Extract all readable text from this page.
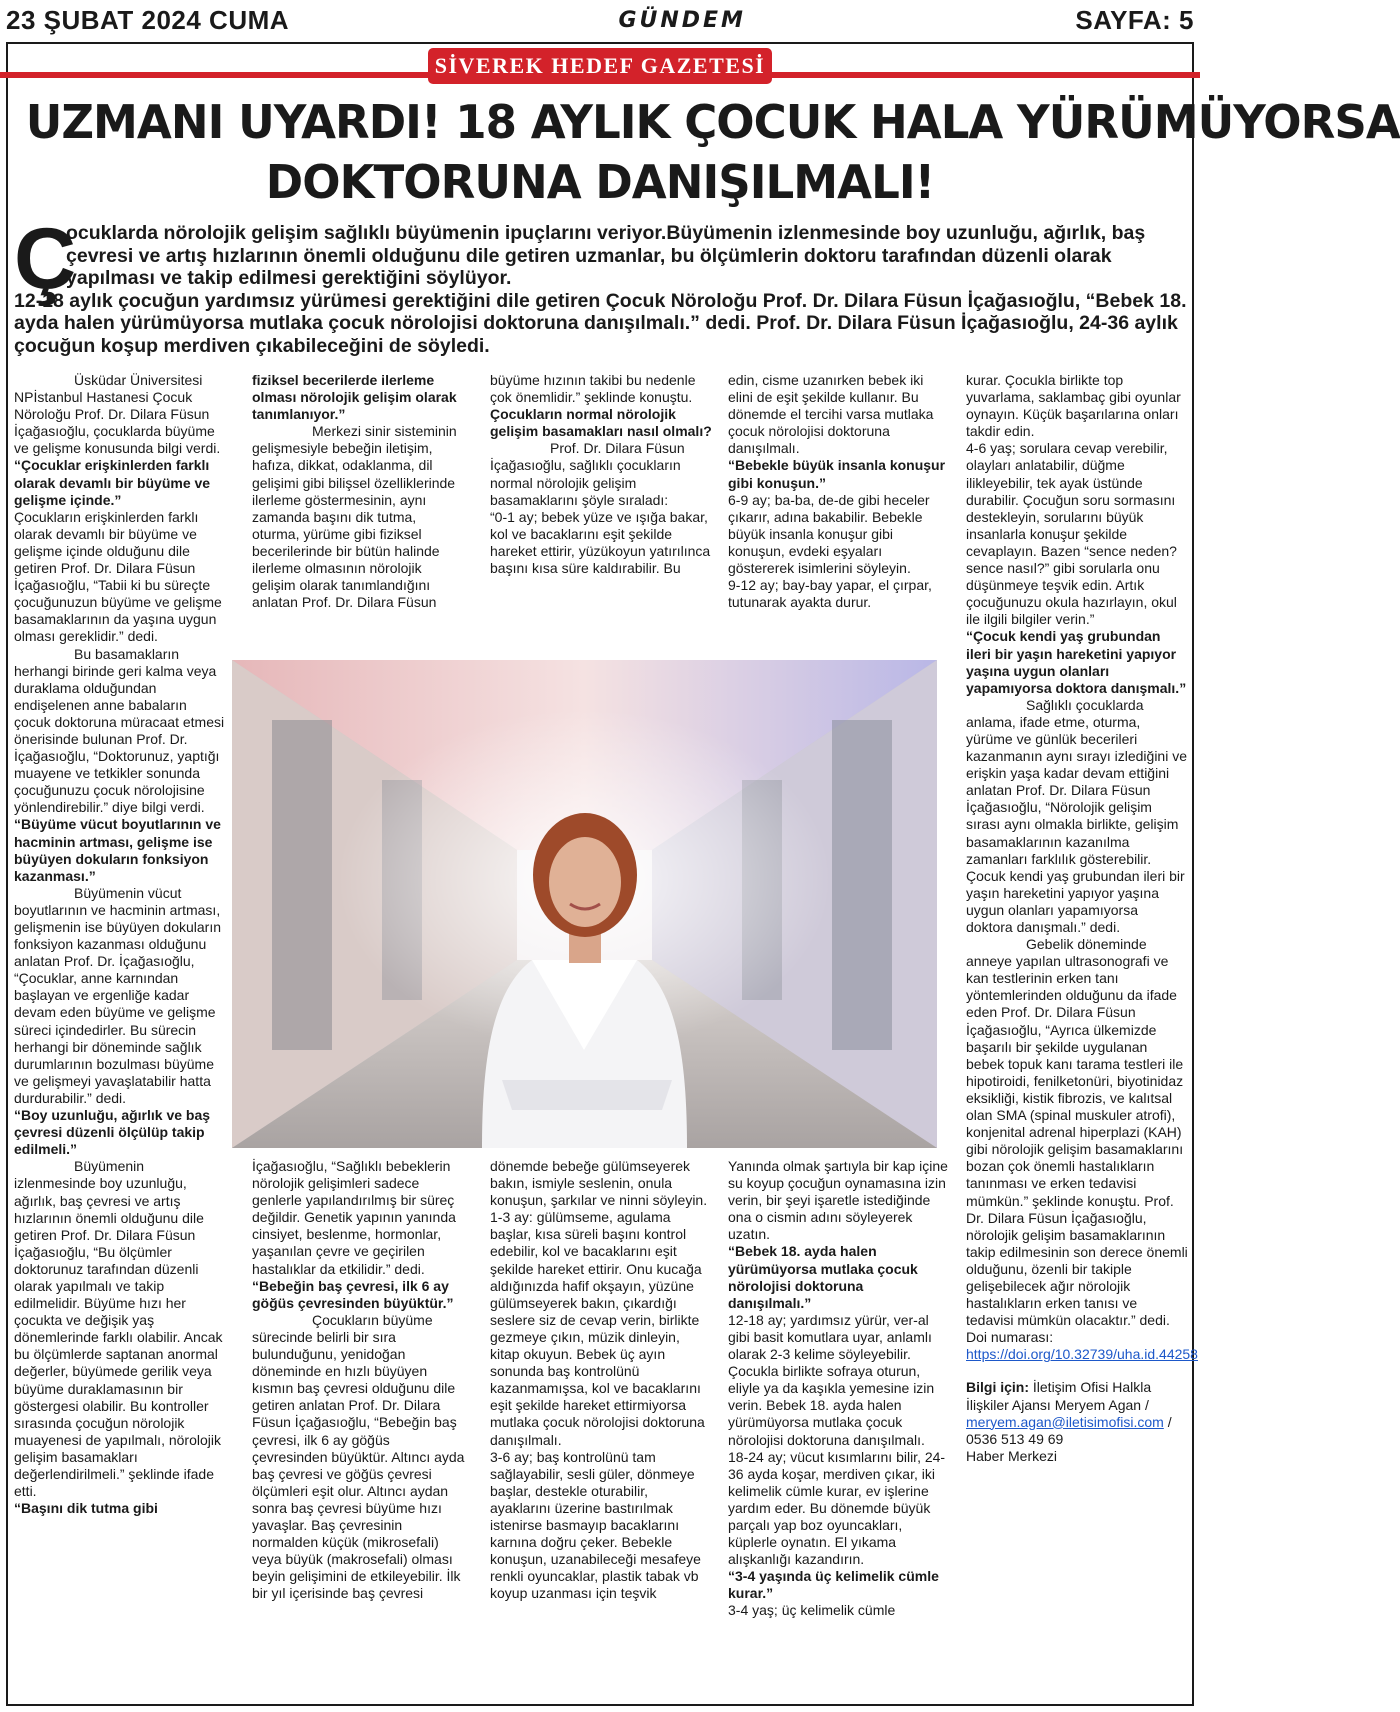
23 ŞUBAT 2024 CUMA	GÜNDEM	SAYFA: 5
SİVEREK HEDEF GAZETESİ
UZMANI UYARDI! 18 AYLIK ÇOCUK HALA YÜRÜMÜYORSA
DOKTORUNA DANIŞILMALI!

Ç
ocuklarda nörolojik gelişim sağlıklı büyümenin ipuçlarını veriyor.Büyümenin izlenmesinde boy uzunluğu, ağırlık, baş çevresi ve artış hızlarının önemli olduğunu dile getiren uzmanlar, bu ölçümlerin doktoru tarafından düzenli olarak yapılması ve takip edilmesi gerektiğini söylüyor.

12-18 aylık çocuğun yardımsız yürümesi gerektiğini dile getiren Çocuk Nöroloğu Prof. Dr. Dilara Füsun İçağasıoğlu, “Bebek 18. ayda halen yürümüyorsa mutlaka çocuk nörolojisi doktoruna danışılmalı.” dedi. Prof. Dr. Dilara Füsun İçağasıoğlu, 24-36 aylık çocuğun koşup merdiven çıkabileceğini de söyledi.

Üsküdar Üniversitesi NPİstanbul Hastanesi Çocuk Nöroloğu Prof. Dr. Dilara Füsun İçağasıoğlu, çocuklarda büyüme ve gelişme konusunda bilgi verdi.

“Çocuklar erişkinlerden farklı olarak devamlı bir büyüme ve gelişme içinde.”

Çocukların erişkinlerden farklı olarak devamlı bir büyüme ve gelişme içinde olduğunu dile getiren Prof. Dr. Dilara Füsun İçağasıoğlu, “Tabii ki bu süreçte çocuğunuzun büyüme ve gelişme basamaklarının da yaşına uygun olması gereklidir.” dedi.

Bu basamakların herhangi birinde geri kalma veya duraklama olduğundan endişelenen anne babaların çocuk doktoruna müracaat etmesi önerisinde bulunan Prof. Dr. İçağasıoğlu, “Doktorunuz, yaptığı muayene ve tetkikler sonunda çocuğunuzu çocuk nörolojisine yönlendirebilir.” diye bilgi verdi.

“Büyüme vücut boyutlarının ve hacminin artması, gelişme ise büyüyen dokuların fonksiyon kazanması.”

Büyümenin vücut boyutlarının ve hacminin artması, gelişmenin ise büyüyen dokuların fonksiyon kazanması olduğunu anlatan Prof. Dr. İçağasıoğlu, “Çocuklar, anne karnından başlayan ve ergenliğe kadar devam eden büyüme ve gelişme süreci içindedirler. Bu sürecin herhangi bir döneminde sağlık durumlarının bozulması büyüme ve gelişmeyi yavaşlatabilir hatta durdurabilir.” dedi.

“Boy uzunluğu, ağırlık ve baş çevresi düzenli ölçülüp takip edilmeli.”

Büyümenin izlenmesinde boy uzunluğu, ağırlık, baş çevresi ve artış hızlarının önemli olduğunu dile getiren Prof. Dr. Dilara Füsun İçağasıoğlu, “Bu ölçümler doktorunuz tarafından düzenli olarak yapılmalı ve takip edilmelidir. Büyüme hızı her çocukta ve değişik yaş dönemlerinde farklı olabilir. Ancak bu ölçümlerde saptanan anormal değerler, büyümede gerilik veya büyüme duraklamasının bir göstergesi olabilir. Bu kontroller sırasında çocuğun nörolojik muayenesi de yapılmalı, nörolojik gelişim basamakları değerlendirilmeli.” şeklinde ifade etti.

“Başını dik tutma gibi

fiziksel becerilerde ilerleme olması nörolojik gelişim olarak tanımlanıyor.”

Merkezi sinir sisteminin gelişmesiyle bebeğin iletişim, hafıza, dikkat, odaklanma, dil gelişimi gibi bilişsel özelliklerinde ilerleme göstermesinin, aynı zamanda başını dik tutma, oturma, yürüme gibi fiziksel becerilerinde bir bütün halinde ilerleme olmasının nörolojik gelişim olarak tanımlandığını anlatan Prof. Dr. Dilara Füsun

büyüme hızının takibi bu nedenle çok önemlidir.” şeklinde konuştu.

Çocukların normal nörolojik gelişim basamakları nasıl olmalı?

Prof. Dr. Dilara Füsun İçağasıoğlu, sağlıklı çocukların normal nörolojik gelişim basamaklarını şöyle sıraladı:

“0-1 ay; bebek yüze ve ışığa bakar, kol ve bacaklarını eşit şekilde hareket ettirir, yüzükoyun yatırılınca başını kısa süre kaldırabilir. Bu

edin, cisme uzanırken bebek iki elini de eşit şekilde kullanır. Bu dönemde el tercihi varsa mutlaka çocuk nörolojisi doktoruna danışılmalı.

“Bebekle büyük insanla konuşur gibi konuşun.”

6-9 ay; ba-ba, de-de gibi heceler çıkarır, adına bakabilir. Bebekle büyük insanla konuşur gibi konuşun, evdeki eşyaları göstererek isimlerini söyleyin.

9-12 ay; bay-bay yapar, el çırpar, tutunarak ayakta durur.

kurar. Çocukla birlikte top yuvarlama, saklambaç gibi oyunlar oynayın. Küçük başarılarına onları takdir edin.

4-6 yaş; sorulara cevap verebilir, olayları anlatabilir, düğme ilikleyebilir, tek ayak üstünde durabilir. Çocuğun soru sormasını destekleyin, sorularını büyük insanlarla konuşur şekilde cevaplayın. Bazen “sence neden? sence nasıl?” gibi sorularla onu düşünmeye teşvik edin. Artık çocuğunuzu okula hazırlayın, okul ile ilgili bilgiler verin.”

“Çocuk kendi yaş grubundan ileri bir yaşın hareketini yapıyor yaşına uygun olanları yapamıyorsa doktora danışmalı.”

Sağlıklı çocuklarda anlama, ifade etme, oturma, yürüme ve günlük becerileri kazanmanın aynı sırayı izlediğini ve erişkin yaşa kadar devam ettiğini anlatan Prof. Dr. Dilara Füsun İçağasıoğlu, “Nörolojik gelişim sırası aynı olmakla birlikte, gelişim basamaklarının kazanılma zamanları farklılık gösterebilir. Çocuk kendi yaş grubundan ileri bir yaşın hareketini yapıyor yaşına uygun olanları yapamıyorsa doktora danışmalı.” dedi.

Gebelik döneminde anneye yapılan ultrasonografi ve kan testlerinin erken tanı yöntemlerinden olduğunu da ifade eden Prof. Dr. Dilara Füsun İçağasıoğlu, “Ayrıca ülkemizde başarılı bir şekilde uygulanan bebek topuk kanı tarama testleri ile hipotiroidi, fenilketonüri, biyotinidaz eksikliği, kistik fibrozis, ve kalıtsal olan SMA (spinal muskuler atrofi), konjenital adrenal hiperplazi (KAH) gibi nörolojik gelişim basamaklarını bozan çok önemli hastalıkların tanınması ve erken tedavisi mümkün.” şeklinde konuştu. Prof. Dr. Dilara Füsun İçağasıoğlu, nörolojik gelişim basamaklarının takip edilmesinin son derece önemli olduğunu, özenli bir takiple gelişebilecek ağır nörolojik hastalıkların erken tanısı ve tedavisi mümkün olacaktır.” dedi. Doi numarası:

https://doi.org/10.32739/uha.id.44258

Bilgi için: İletişim Ofisi Halkla İlişkiler Ajansı Meryem Agan / meryem.agan@iletisimofisi.com / 0536 513 49 69
Haber Merkezi

İçağasıoğlu, “Sağlıklı bebeklerin nörolojik gelişimleri sadece genlerle yapılandırılmış bir süreç değildir. Genetik yapının yanında cinsiyet, beslenme, hormonlar, yaşanılan çevre ve geçirilen hastalıklar da etkilidir.” dedi.

“Bebeğin baş çevresi, ilk 6 ay göğüs çevresinden büyüktür.”

Çocukların büyüme sürecinde belirli bir sıra bulunduğunu, yenidoğan döneminde en hızlı büyüyen kısmın baş çevresi olduğunu dile getiren anlatan Prof. Dr. Dilara Füsun İçağasıoğlu, “Bebeğin baş çevresi, ilk 6 ay göğüs çevresinden büyüktür. Altıncı ayda baş çevresi ve göğüs çevresi ölçümleri eşit olur. Altıncı aydan sonra baş çevresi büyüme hızı yavaşlar. Baş çevresinin normalden küçük (mikrosefali) veya büyük (makrosefali) olması beyin gelişimini de etkileyebilir. İlk bir yıl içerisinde baş çevresi

dönemde bebeğe gülümseyerek bakın, ismiyle seslenin, onula konuşun, şarkılar ve ninni söyleyin.

1-3 ay: gülümseme, agulama başlar, kısa süreli başını kontrol edebilir, kol ve bacaklarını eşit şekilde hareket ettirir. Onu kucağa aldığınızda hafif okşayın, yüzüne gülümseyerek bakın, çıkardığı seslere siz de cevap verin, birlikte gezmeye çıkın, müzik dinleyin, kitap okuyun. Bebek üç ayın sonunda baş kontrolünü kazanmamışsa, kol ve bacaklarını eşit şekilde hareket ettirmiyorsa mutlaka çocuk nörolojisi doktoruna danışılmalı.

3-6 ay; baş kontrolünü tam sağlayabilir, sesli güler, dönmeye başlar, destekle oturabilir, ayaklarını üzerine bastırılmak istenirse basmayıp bacaklarını karnına doğru çeker. Bebekle konuşun, uzanabileceği mesafeye renkli oyuncaklar, plastik tabak vb koyup uzanması için teşvik

Yanında olmak şartıyla bir kap içine su koyup çocuğun oynamasına izin verin, bir şeyi işaretle istediğinde onа o cismin adını söyleyerek uzatın.

“Bebek 18. ayda halen yürümüyorsa mutlaka çocuk nörolojisi doktoruna danışılmalı.”

12-18 ay; yardımsız yürür, ver-al gibi basit komutlara uyar, anlamlı olarak 2-3 kelime söyleyebilir. Çocukla birlikte sofraya oturun, eliyle ya da kaşıkla yemesine izin verin. Bebek 18. ayda halen yürümüyorsa mutlaka çocuk nörolojisi doktoruna danışılmalı.

18-24 ay; vücut kısımlarını bilir, 24-36 ayda koşar, merdiven çıkar, iki kelimelik cümle kurar, ev işlerine yardım eder. Bu dönemde büyük parçalı yap boz oyuncakları, küplerle oynatın. El yıkama alışkanlığı kazandırın.

“3-4 yaşında üç kelimelik cümle kurar.”

3-4 yaş; üç kelimelik cümle
